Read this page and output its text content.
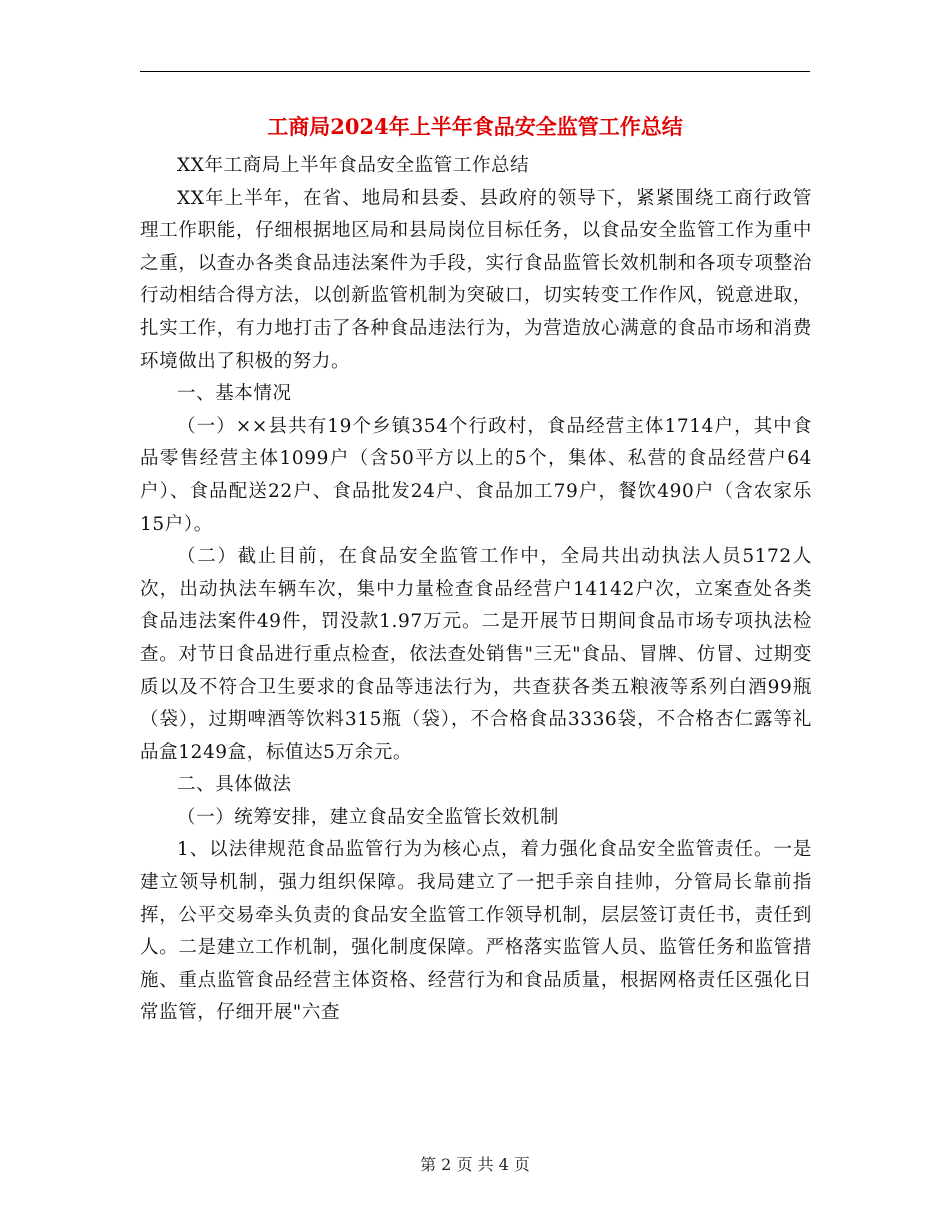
工商局2024年上半年食品安全监管工作总结

XX年工商局上半年食品安全监管工作总结

XX年上半年，在省、地局和县委、县政府的领导下，紧紧围绕工商行政管理工作职能，仔细根据地区局和县局岗位目标任务，以食品安全监管工作为重中之重，以查办各类食品违法案件为手段，实行食品监管长效机制和各项专项整治行动相结合得方法，以创新监管机制为突破口，切实转变工作作风，锐意进取，扎实工作，有力地打击了各种食品违法行为，为营造放心满意的食品市场和消费环境做出了积极的努力。

一、基本情况

（一）××县共有19个乡镇354个行政村，食品经营主体1714户，其中食品零售经营主体1099户（含50平方以上的5个，集体、私营的食品经营户64户）、食品配送22户、食品批发24户、食品加工79户，餐饮490户（含农家乐15户）。

（二）截止目前，在食品安全监管工作中，全局共出动执法人员5172人次，出动执法车辆车次，集中力量检查食品经营户14142户次，立案查处各类食品违法案件49件，罚没款1.97万元。二是开展节日期间食品市场专项执法检查。对节日食品进行重点检查，依法查处销售"三无"食品、冒牌、仿冒、过期变质以及不符合卫生要求的食品等违法行为，共查获各类五粮液等系列白酒99瓶（袋），过期啤酒等饮料315瓶（袋），不合格食品3336袋，不合格杏仁露等礼品盒1249盒，标值达5万余元。

二、具体做法

（一）统筹安排，建立食品安全监管长效机制

1、以法律规范食品监管行为为核心点，着力强化食品安全监管责任。一是建立领导机制，强力组织保障。我局建立了一把手亲自挂帅，分管局长靠前指挥，公平交易牵头负责的食品安全监管工作领导机制，层层签订责任书，责任到人。二是建立工作机制，强化制度保障。严格落实监管人员、监管任务和监管措施、重点监管食品经营主体资格、经营行为和食品质量，根据网格责任区强化日常监管，仔细开展"六查

第 2 页 共 4 页
